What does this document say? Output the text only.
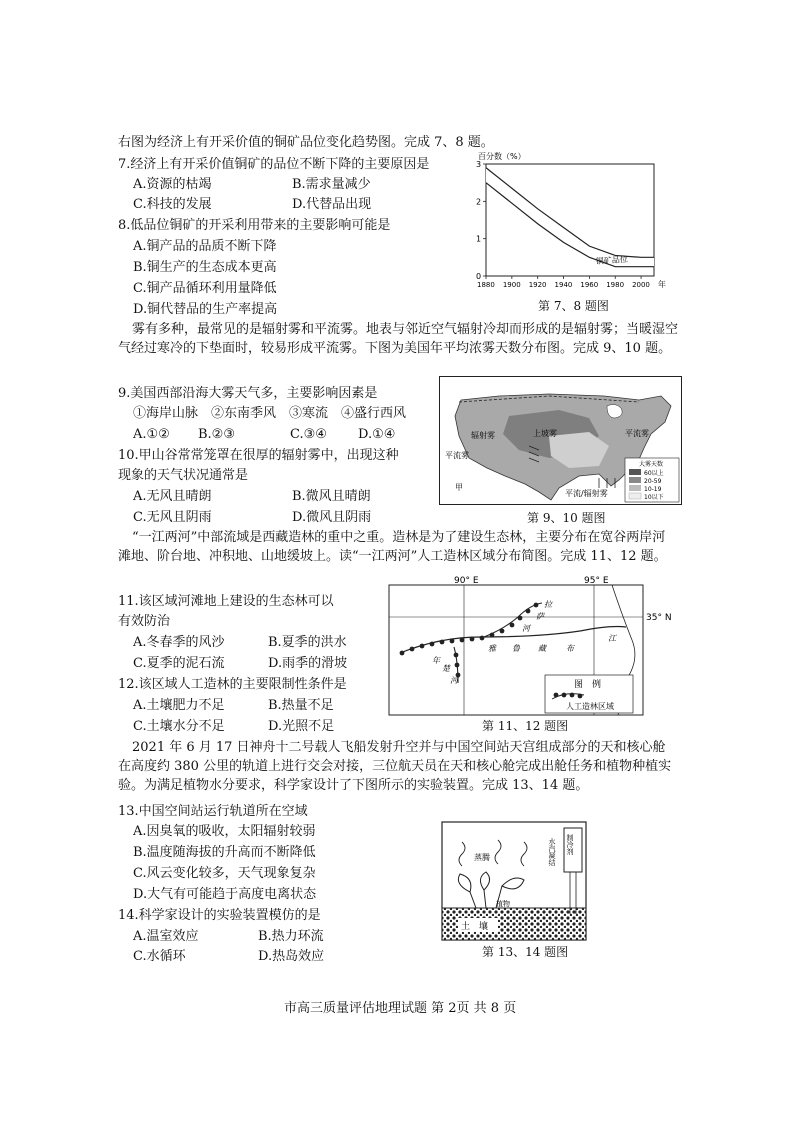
右图为经济上有开采价值的铜矿品位变化趋势图。完成 7、8 题。
7.经济上有开采价值铜矿的品位不断下降的主要原因是
A.资源的枯竭	B.需求量减少
C.科技的发展	D.代替品出现
8.低品位铜矿的开采利用带来的主要影响可能是
A.铜产品的品质不断下降
B.铜生产的生态成本更高
C.铜产品循环利用量降低
D.铜代替品的生产率提高
百分数（%）
0
1
2
3
1880 1900 1920 1940 1960 1980 2000 年
铜矿品位
第 7、8 题图
雾有多种，最常见的是辐射雾和平流雾。地表与邻近空气辐射冷却而形成的是辐射雾；当暖湿空气经过寒冷的下垫面时，较易形成平流雾。下图为美国年平均浓雾天数分布图。完成 9、10 题。
9.美国西部沿海大雾天气多，主要影响因素是
①海岸山脉　②东南季风　③寒流　④盛行西风
A.①② B.②③	C.③④ D.①④
10.甲山谷常常笼罩在很厚的辐射雾中，出现这种
现象的天气状况通常是
A.无风且晴朗	B.微风且晴朗
C.无风且阴雨	D.微风且阴雨
辐射雾
平流雾
上坡雾	平流雾
平流/辐射雾
甲
大雾天数
60以上
20-59
10-19
10以下
第 9、10 题图
“一江两河”中部流域是西藏造林的重中之重。造林是为了建设生态林，主要分布在宽谷两岸河滩地、阶台地、冲积地、山地缓坡上。读“一江两河”人工造林区域分布简图。完成 11、12 题。
11.该区域河滩地上建设的生态林可以
有效防治
A.冬春季的风沙	B.夏季的洪水
C.夏季的泥石流	D.雨季的滑坡
12.该区域人工造林的主要限制性条件是
A.土壤肥力不足	B.热量不足
C.土壤水分不足	D.光照不足
90° E	95° E
35° N
拉
萨
河
雅 鲁 藏	布
江
年
楚
河	图　例
人工造林区域
第 11、12 题图
2021 年 6 月 17 日神舟十二号载人飞船发射升空并与中国空间站天宫组成部分的天和核心舱在高度约 380 公里的轨道上进行交会对接，三位航天员在天和核心舱完成出舱任务和植物种植实验。为满足植物水分要求，科学家设计了下图所示的实验装置。完成 13、14 题。
13.中国空间站运行轨道所在空域
A.因臭氧的吸收，太阳辐射较弱
B.温度随海拔的升高而不断降低
C.风云变化较多，天气现象复杂
D.大气有可能趋于高度电离状态
14.科学家设计的实验装置模仿的是
A.温室效应	B.热力环流
C.水循环	D.热岛效应
土　壤
制冷剂
水汽凝结
蒸腾
植物
第 13、14 题图
市高三质量评估地理试题 第 2页 共 8 页
